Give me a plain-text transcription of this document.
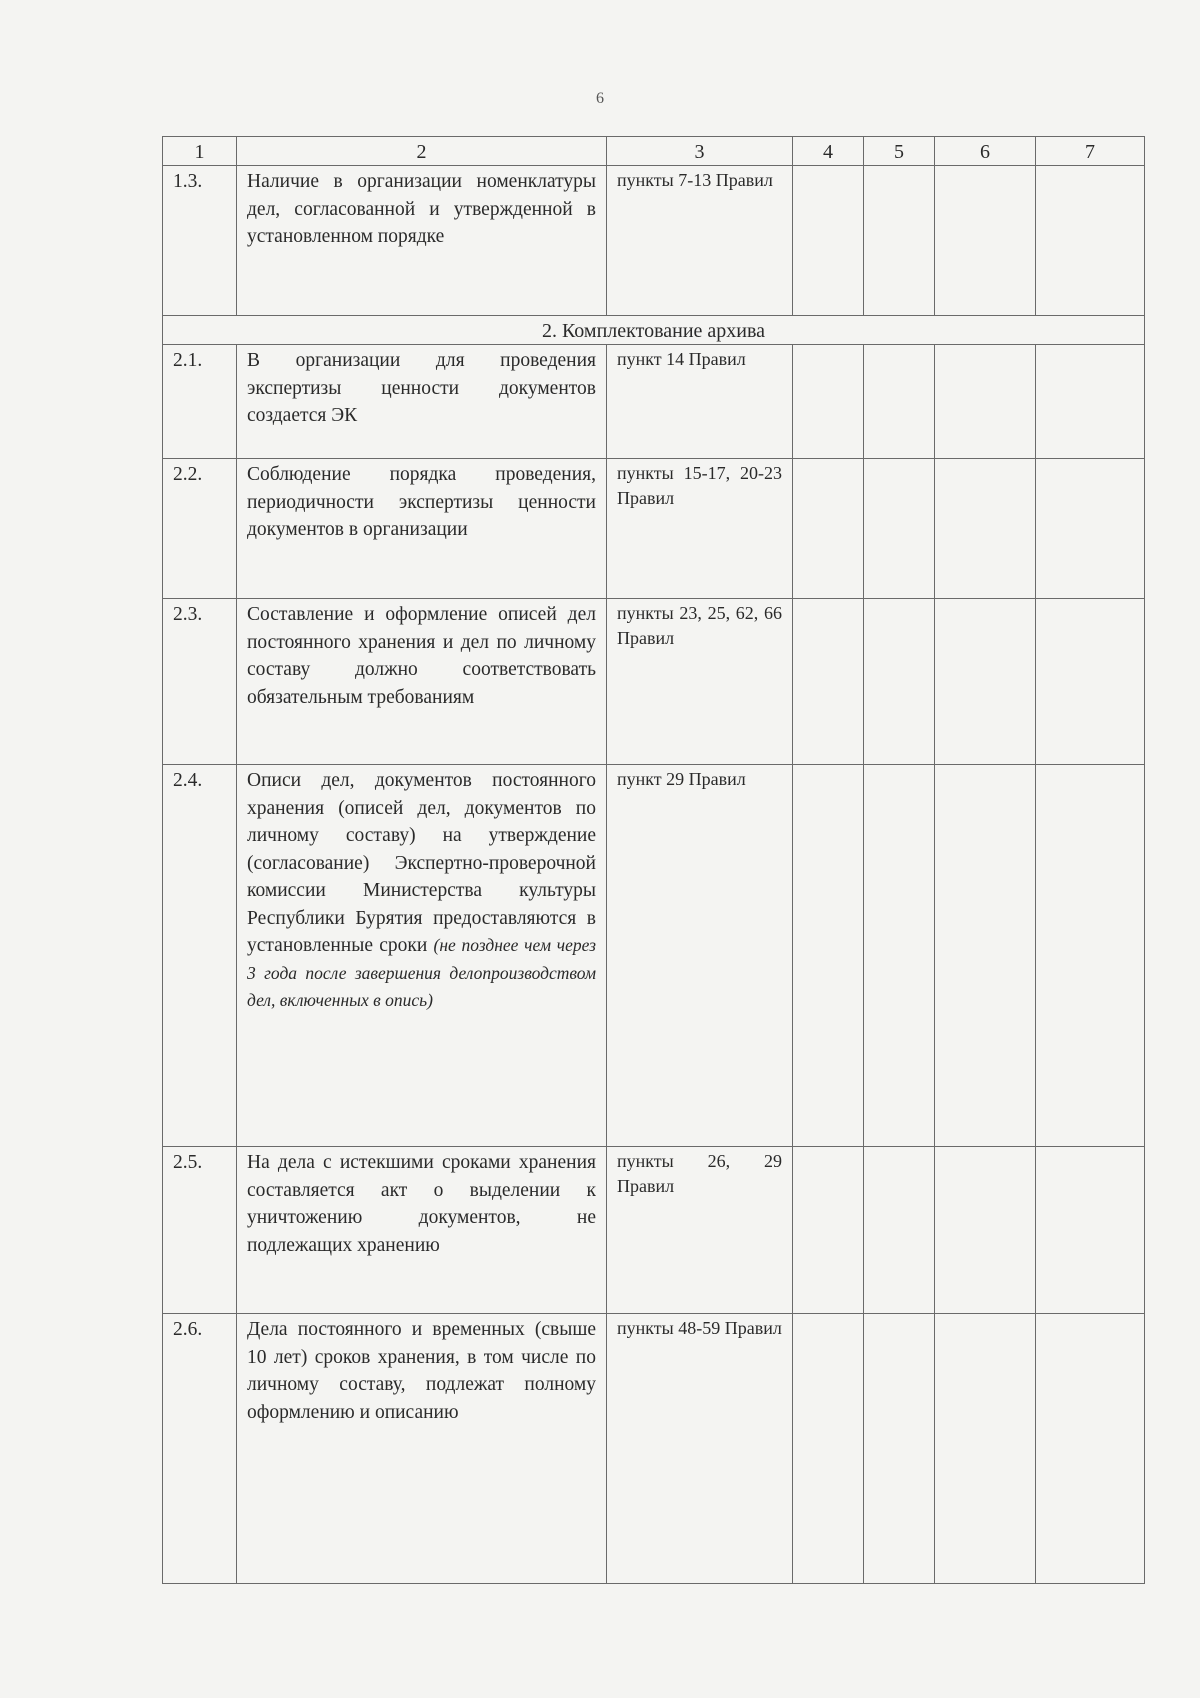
6
1	2	3	4	5	6	7
1.3.	Наличие в организации номенклатуры дел, согласованной и утвержденной в установленном порядке	пункты 7-13 Правил				
2. Комплектование архива						
2.1.	В организации для проведения экспертизы ценности документов создается ЭК	пункт 14 Правил				
2.2.	Соблюдение порядка проведения, периодичности экспертизы ценности документов в организации	пункты 15-17, 20-23 Правил				
2.3.	Составление и оформление описей дел постоянного хранения и дел по личному составу должно соответствовать обязательным требованиям	пункты 23, 25, 62, 66 Правил				
2.4.	Описи дел, документов постоянного хранения (описей дел, документов по личному составу) на утверждение (согласование) Экспертно-проверочной комиссии Министерства культуры Республики Бурятия предоставляются в установленные сроки (не позднее чем через 3 года после завершения делопроизводством дел, включенных в опись)	пункт 29 Правил				
2.5.	На дела с истекшими сроками хранения составляется акт о выделении к уничтожению документов, не подлежащих хранению	пункты 26, 29 Правил				
2.6.	Дела постоянного и временных (свыше 10 лет) сроков хранения, в том числе по личному составу, подлежат полному оформлению и описанию	пункты 48-59 Правил				
